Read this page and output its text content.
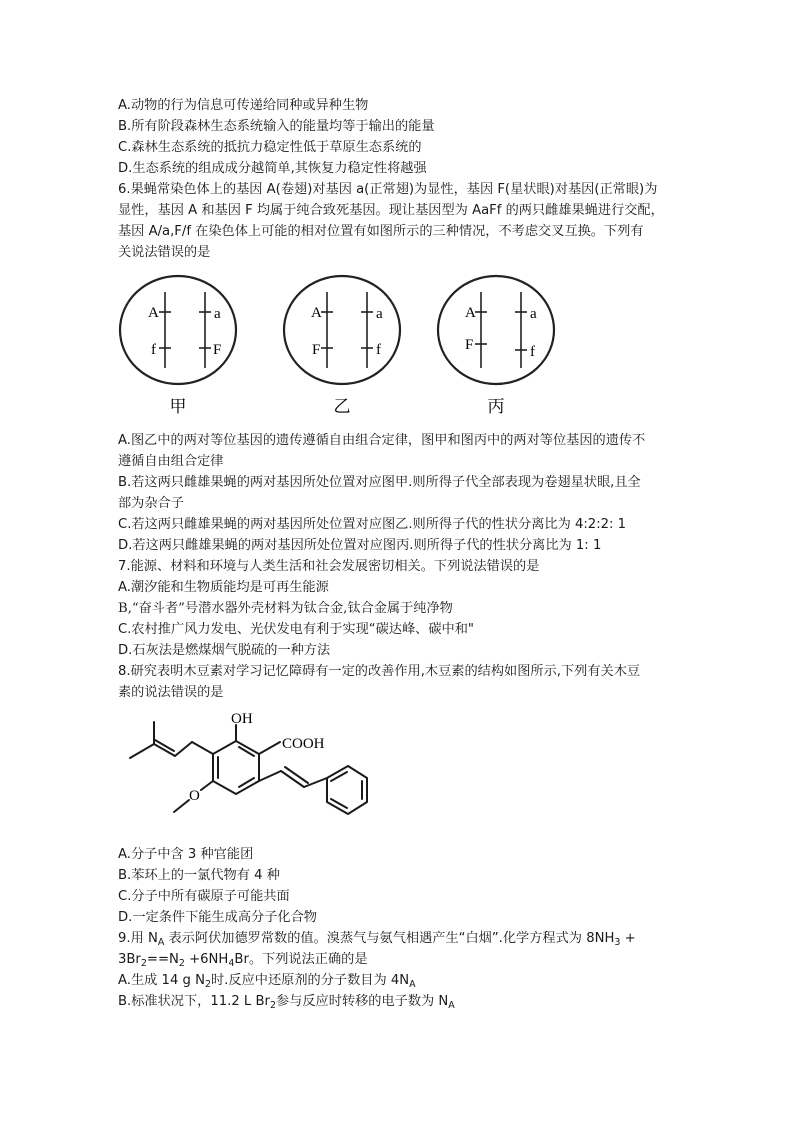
A.动物的行为信息可传递给同种或异种生物
B.所有阶段森林生态系统输入的能量均等于输出的能量
C.森林生态系统的抵抗力稳定性低于草原生态系统的
D.生态系统的组成成分越简单,其恢复力稳定性将越强
6.果蝇常染色体上的基因 A(卷翅)对基因 a(正常翅)为显性，基因 F(星状眼)对基因(正常眼)为
显性，基因 A 和基因 F 均属于纯合致死基因。现让基因型为 AaFf 的两只雌雄果蝇进行交配，
基因 A/a,F/f 在染色体上可能的相对位置有如图所示的三种情况，不考虑交叉互换。下列有
关说法错误的是
A	a
f	F
甲
A	a
F	f
乙
A	a
F	f
丙
A.图乙中的两对等位基因的遗传遵循自由组合定律，图甲和图丙中的两对等位基因的遗传不
遵循自由组合定律
B.若这两只雌雄果蝇的两对基因所处位置对应图甲.则所得子代全部表现为卷翅星状眼,且全
部为杂合子
C.若这两只雌雄果蝇的两对基因所处位置对应图乙.则所得子代的性状分离比为 4:2:2: 1
D.若这两只雌雄果蝇的两对基因所处位置对应图丙.则所得子代的性状分离比为 1: 1
7.能源、材料和环境与人类生活和社会发展密切相关。下列说法错误的是
A.潮汐能和生物质能均是可再生能源
B,“奋斗者”号潜水器外壳材料为钛合金,钛合金属于纯净物
C.农村推广风力发电、光伏发电有利于实现“碳达峰、碳中和"
D.石灰法是燃煤烟气脱硫的一种方法
8.研究表明木豆素对学习记忆障碍有一定的改善作用,木豆素的结构如图所示,下列有关木豆
素的说法错误的是
OH
COOH
O
A.分子中含 3 种官能团
B.苯环上的一氯代物有 4 种
C.分子中所有碳原子可能共面
D.一定条件下能生成高分子化合物
9.用 $N_A$ 表示阿伏加德罗常数的值。溴蒸气与氨气相遇产生“白烟”.化学方程式为 $8NH_3$ +
$3Br_2==N_2 +6NH_4Br$。下列说法正确的是
A.生成 14 g $N_2$时.反应中还原剂的分子数目为 $4N_A$
B.标准状况下，11.2 L $Br_2$参与反应时转移的电子数为 $N_A$
